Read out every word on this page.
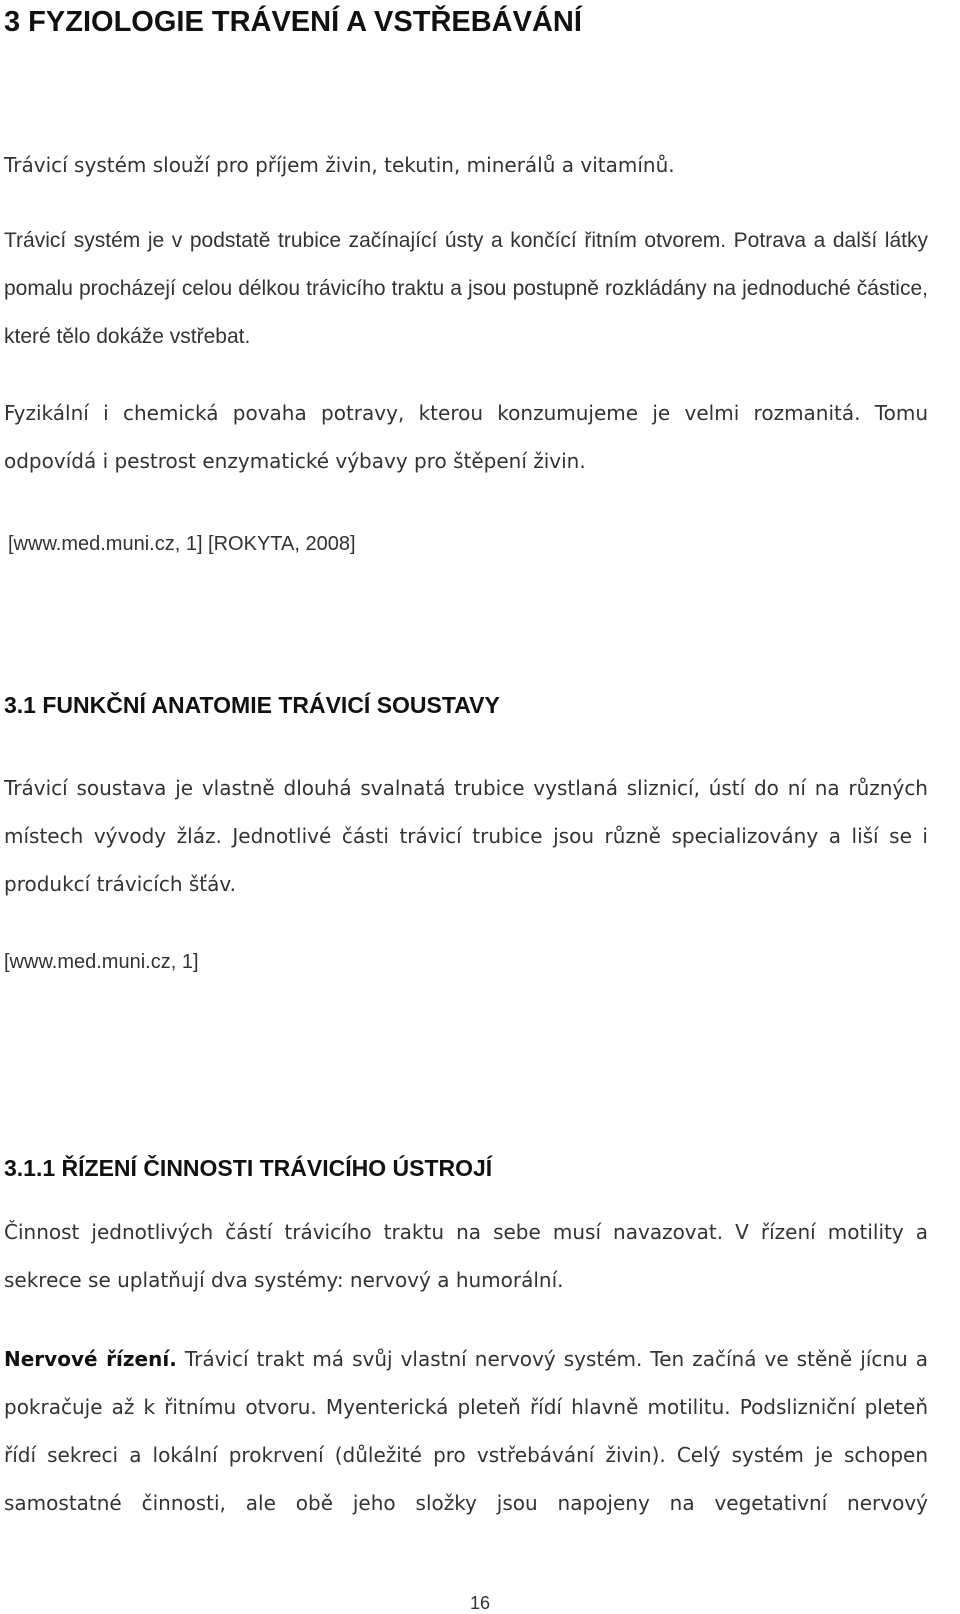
3 FYZIOLOGIE TRÁVENÍ A VSTŘEBÁVÁNÍ
Trávicí systém slouží pro příjem živin, tekutin, minerálů a vitamínů.
Trávicí systém je v podstatě trubice začínající ústy a končící řitním otvorem. Potrava a další látky pomalu procházejí celou délkou trávicího traktu a jsou postupně rozkládány na jednoduché částice, které tělo dokáže vstřebat.
Fyzikální i chemická povaha potravy, kterou konzumujeme je velmi rozmanitá. Tomu odpovídá i pestrost enzymatické výbavy pro štěpení živin.
[www.med.muni.cz, 1] [ROKYTA, 2008]
3.1 FUNKČNÍ ANATOMIE TRÁVICÍ SOUSTAVY
Trávicí soustava je vlastně dlouhá svalnatá trubice vystlaná sliznicí, ústí do ní na různých místech vývody žláz. Jednotlivé části trávicí trubice jsou různě specializovány a liší se i produkcí trávicích šťáv.
[www.med.muni.cz, 1]
3.1.1 ŘÍZENÍ ČINNOSTI TRÁVICÍHO ÚSTROJÍ
Činnost jednotlivých částí trávicího traktu na sebe musí navazovat. V řízení motility a sekrece se uplatňují dva systémy: nervový a humorální.
Nervové řízení. Trávicí trakt má svůj vlastní nervový systém. Ten začíná ve stěně jícnu a pokračuje až k řitnímu otvoru. Myenterická pleteň řídí hlavně motilitu. Podslizniční pleteň řídí sekreci a lokální prokrvení (důležité pro vstřebávání živin). Celý systém je schopen samostatné činnosti, ale obě jeho složky jsou napojeny na vegetativní nervový
16
